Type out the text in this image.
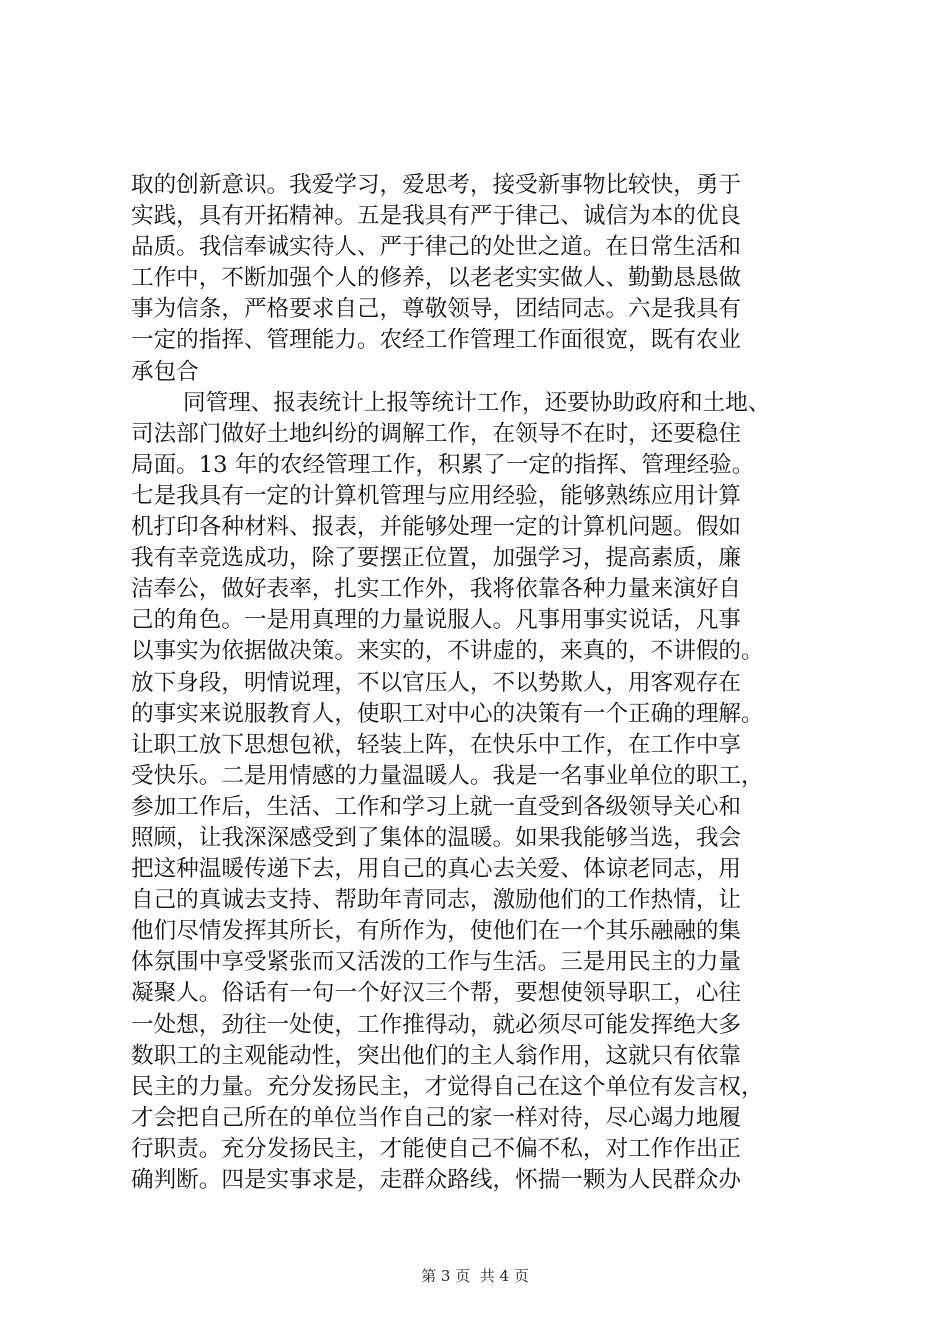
取的创新意识。我爱学习，爱思考，接受新事物比较快，勇于
实践，具有开拓精神。五是我具有严于律己、诚信为本的优良
品质。我信奉诚实待人、严于律己的处世之道。在日常生活和
工作中，不断加强个人的修养，以老老实实做人、勤勤恳恳做
事为信条，严格要求自己，尊敬领导，团结同志。六是我具有
一定的指挥、管理能力。农经工作管理工作面很宽，既有农业
承包合
同管理、报表统计上报等统计工作，还要协助政府和土地、
司法部门做好土地纠纷的调解工作，在领导不在时，还要稳住
局面。13 年的农经管理工作，积累了一定的指挥、管理经验。
七是我具有一定的计算机管理与应用经验，能够熟练应用计算
机打印各种材料、报表，并能够处理一定的计算机问题。假如
我有幸竞选成功，除了要摆正位置，加强学习，提高素质，廉
洁奉公，做好表率，扎实工作外，我将依靠各种力量来演好自
己的角色。一是用真理的力量说服人。凡事用事实说话，凡事
以事实为依据做决策。来实的，不讲虚的，来真的，不讲假的。
放下身段，明情说理，不以官压人，不以势欺人，用客观存在
的事实来说服教育人，使职工对中心的决策有一个正确的理解。
让职工放下思想包袱，轻装上阵，在快乐中工作，在工作中享
受快乐。二是用情感的力量温暖人。我是一名事业单位的职工，
参加工作后，生活、工作和学习上就一直受到各级领导关心和
照顾，让我深深感受到了集体的温暖。如果我能够当选，我会
把这种温暖传递下去，用自己的真心去关爱、体谅老同志，用
自己的真诚去支持、帮助年青同志，激励他们的工作热情，让
他们尽情发挥其所长，有所作为，使他们在一个其乐融融的集
体氛围中享受紧张而又活泼的工作与生活。三是用民主的力量
凝聚人。俗话有一句一个好汉三个帮，要想使领导职工，心往
一处想，劲往一处使，工作推得动，就必须尽可能发挥绝大多
数职工的主观能动性，突出他们的主人翁作用，这就只有依靠
民主的力量。充分发扬民主，才觉得自己在这个单位有发言权，
才会把自己所在的单位当作自己的家一样对待，尽心竭力地履
行职责。充分发扬民主，才能使自己不偏不私，对工作作出正
确判断。四是实事求是，走群众路线，怀揣一颗为人民群众办
第 3 页  共 4 页
